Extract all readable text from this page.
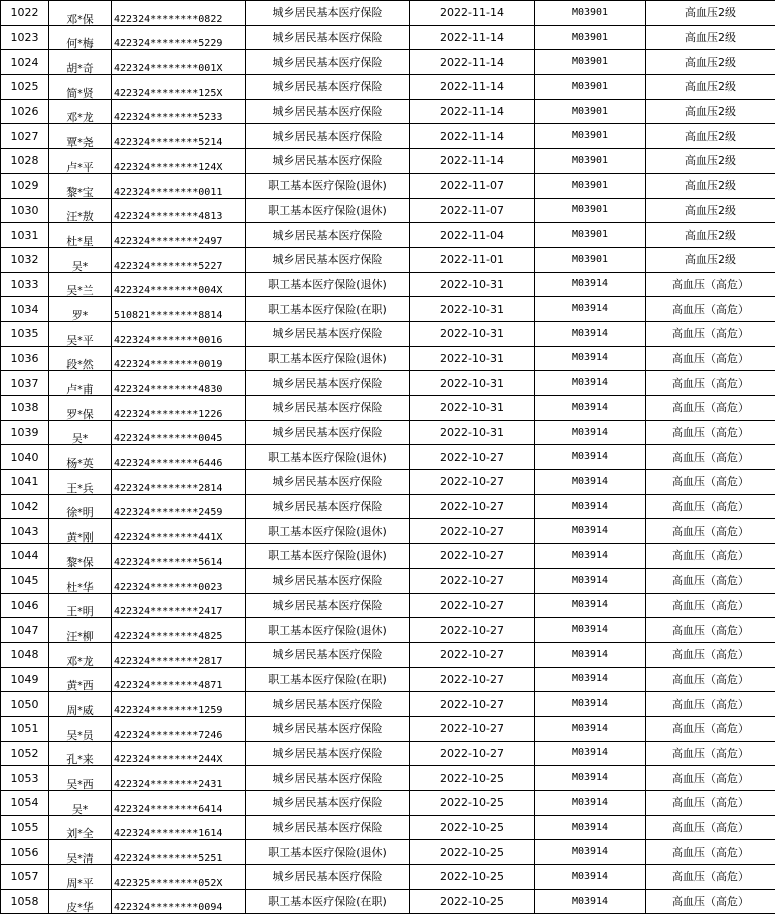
1022	邓*保	422324********0822	城乡居民基本医疗保险	2022-11-14	M03901	高血压2级
1023	何*梅	422324********5229	城乡居民基本医疗保险	2022-11-14	M03901	高血压2级
1024	胡*奇	422324********001X	城乡居民基本医疗保险	2022-11-14	M03901	高血压2级
1025	简*贤	422324********125X	城乡居民基本医疗保险	2022-11-14	M03901	高血压2级
1026	邓*龙	422324********5233	城乡居民基本医疗保险	2022-11-14	M03901	高血压2级
1027	覃*尧	422324********5214	城乡居民基本医疗保险	2022-11-14	M03901	高血压2级
1028	卢*平	422324********124X	城乡居民基本医疗保险	2022-11-14	M03901	高血压2级
1029	黎*宝	422324********0011	职工基本医疗保险(退休)	2022-11-07	M03901	高血压2级
1030	汪*敖	422324********4813	职工基本医疗保险(退休)	2022-11-07	M03901	高血压2级
1031	杜*星	422324********2497	城乡居民基本医疗保险	2022-11-04	M03901	高血压2级
1032	吴*	422324********5227	城乡居民基本医疗保险	2022-11-01	M03901	高血压2级
1033	吴*兰	422324********004X	职工基本医疗保险(退休)	2022-10-31	M03914	高血压（高危）
1034	罗*	510821********8814	职工基本医疗保险(在职)	2022-10-31	M03914	高血压（高危）
1035	吴*平	422324********0016	城乡居民基本医疗保险	2022-10-31	M03914	高血压（高危）
1036	段*然	422324********0019	职工基本医疗保险(退休)	2022-10-31	M03914	高血压（高危）
1037	卢*甫	422324********4830	城乡居民基本医疗保险	2022-10-31	M03914	高血压（高危）
1038	罗*保	422324********1226	城乡居民基本医疗保险	2022-10-31	M03914	高血压（高危）
1039	吴*	422324********0045	城乡居民基本医疗保险	2022-10-31	M03914	高血压（高危）
1040	杨*英	422324********6446	职工基本医疗保险(退休)	2022-10-27	M03914	高血压（高危）
1041	王*兵	422324********2814	城乡居民基本医疗保险	2022-10-27	M03914	高血压（高危）
1042	徐*明	422324********2459	城乡居民基本医疗保险	2022-10-27	M03914	高血压（高危）
1043	黄*刚	422324********441X	职工基本医疗保险(退休)	2022-10-27	M03914	高血压（高危）
1044	黎*保	422324********5614	职工基本医疗保险(退休)	2022-10-27	M03914	高血压（高危）
1045	杜*华	422324********0023	城乡居民基本医疗保险	2022-10-27	M03914	高血压（高危）
1046	王*明	422324********2417	城乡居民基本医疗保险	2022-10-27	M03914	高血压（高危）
1047	汪*柳	422324********4825	职工基本医疗保险(退休)	2022-10-27	M03914	高血压（高危）
1048	邓*龙	422324********2817	城乡居民基本医疗保险	2022-10-27	M03914	高血压（高危）
1049	黄*西	422324********4871	职工基本医疗保险(在职)	2022-10-27	M03914	高血压（高危）
1050	周*威	422324********1259	城乡居民基本医疗保险	2022-10-27	M03914	高血压（高危）
1051	吴*员	422324********7246	城乡居民基本医疗保险	2022-10-27	M03914	高血压（高危）
1052	孔*来	422324********244X	城乡居民基本医疗保险	2022-10-27	M03914	高血压（高危）
1053	吴*西	422324********2431	城乡居民基本医疗保险	2022-10-25	M03914	高血压（高危）
1054	吴*	422324********6414	城乡居民基本医疗保险	2022-10-25	M03914	高血压（高危）
1055	刘*全	422324********1614	城乡居民基本医疗保险	2022-10-25	M03914	高血压（高危）
1056	吴*清	422324********5251	职工基本医疗保险(退休)	2022-10-25	M03914	高血压（高危）
1057	周*平	422325********052X	城乡居民基本医疗保险	2022-10-25	M03914	高血压（高危）
1058	皮*华	422324********0094	职工基本医疗保险(在职)	2022-10-25	M03914	高血压（高危）
